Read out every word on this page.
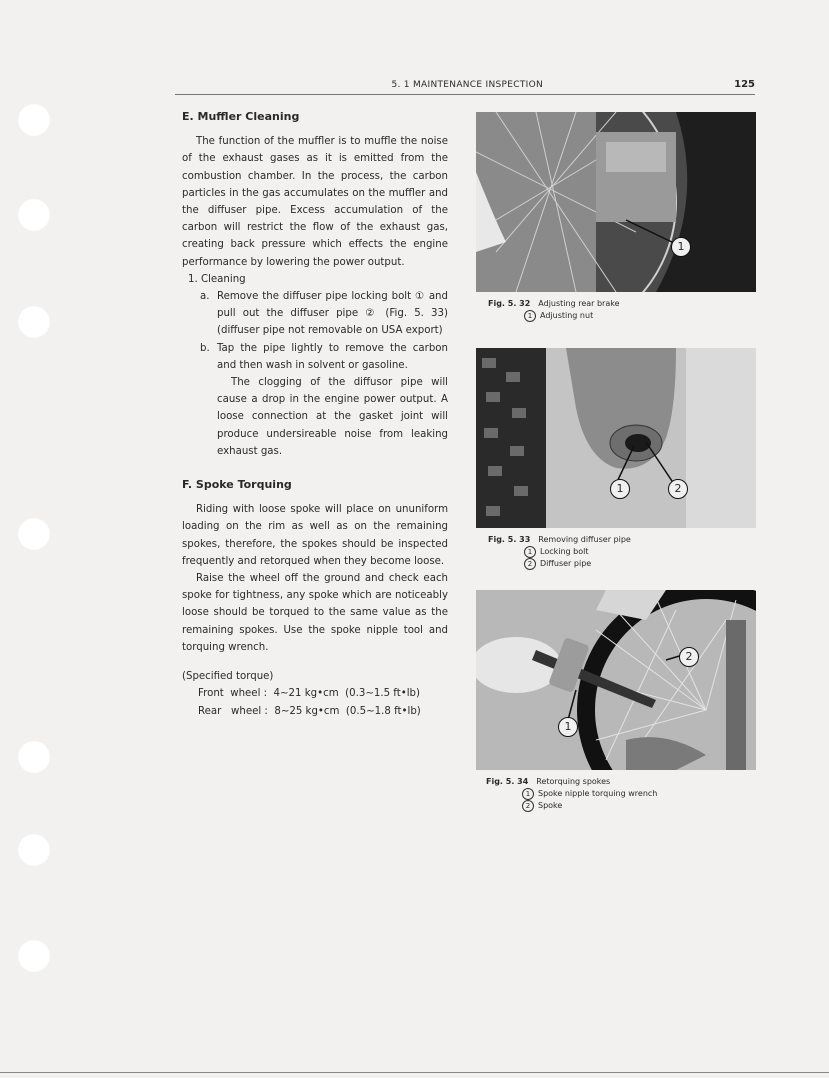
5. 1 MAINTENANCE INSPECTION	125
E. Muffler Cleaning

The function of the muffler is to muffle the noise of the exhaust gases as it is emitted from the combustion chamber. In the process, the carbon particles in the gas accumulates on the muffler and the diffuser pipe. Excess accumulation of the carbon will restrict the flow of the exhaust gas, creating back pressure which effects the engine performance by lowering the power output.

1. Cleaning

a. Remove the diffuser pipe locking bolt ① and pull out the diffuser pipe ② (Fig. 5. 33) (diffuser pipe not removable on USA export)

b. Tap the pipe lightly to remove the carbon and then wash in solvent or gasoline.

The clogging of the diffusor pipe will cause a drop in the engine power output. A loose connection at the gasket joint will produce undersireable noise from leaking exhaust gas.

F. Spoke Torquing

Riding with loose spoke will place on ununiform loading on the rim as well as on the remaining spokes, therefore, the spokes should be inspected frequently and retorqued when they become loose.

Raise the wheel off the ground and check each spoke for tightness, any spoke which are noticeably loose should be torqued to the same value as the remaining spokes. Use the spoke nipple tool and torquing wrench.

(Specified torque)

Front  wheel :  4∼21 kg•cm  (0.3∼1.5 ft•lb)

Rear   wheel :  8∼25 kg•cm  (0.5∼1.8 ft•lb)

1
Fig. 5. 32 Adjusting rear brake
1 Adjusting nut
1	2
Fig. 5. 33 Removing diffuser pipe
1 Locking bolt
2 Diffuser pipe
1
2
Fig. 5. 34 Retorquing spokes
1 Spoke nipple torquing wrench
2 Spoke
